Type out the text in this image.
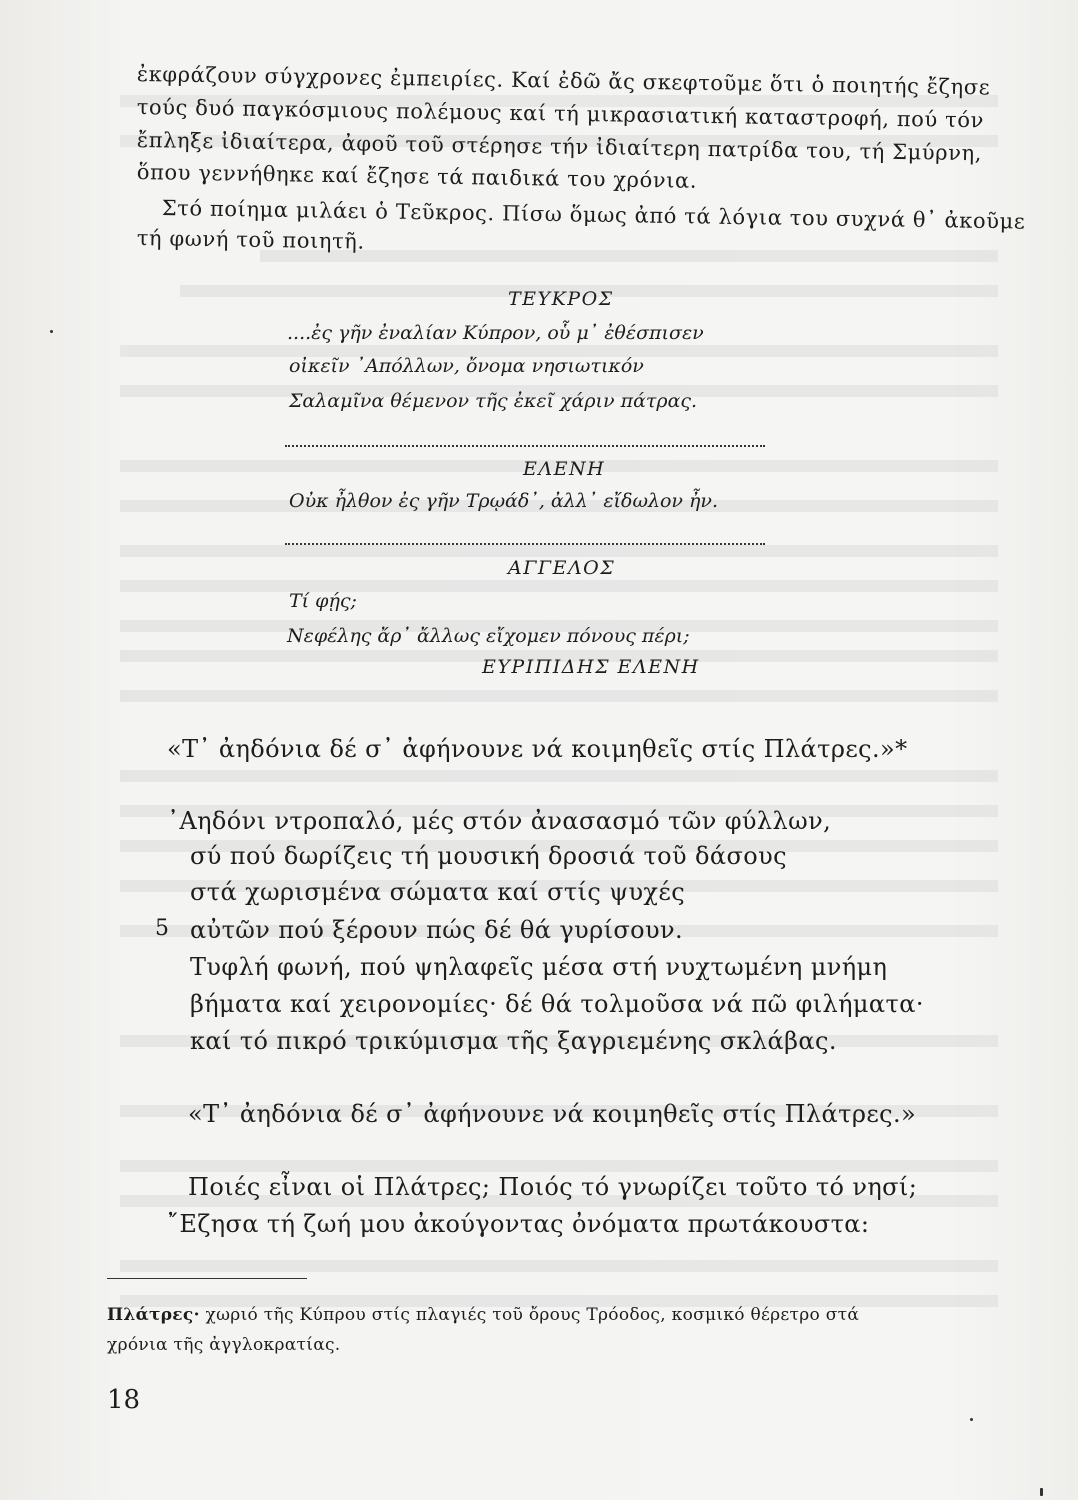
ἐκφράζουν σύγχρονες ἐμπειρίες. Καί ἐδῶ ἄς σκεφτοῦμε ὅτι ὁ ποιητής ἔζησε
τούς δυό παγκόσμιους πολέμους καί τή μικρασιατική καταστροφή, πού τόν
ἔπληξε ἰδιαίτερα, ἀφοῦ τοῦ στέρησε τήν ἰδιαίτερη πατρίδα του, τή Σμύρνη,
ὅπου γεννήθηκε καί ἔζησε τά παιδικά του χρόνια.
Στό ποίημα μιλάει ὁ Τεῦκρος. Πίσω ὅμως ἀπό τά λόγια του συχνά θ᾽ ἀκοῦμε
τή φωνή τοῦ ποιητῆ.
ΤΕΥΚΡΟΣ
....ἐς γῆν ἐναλίαν Κύπρον, οὗ μ᾽ ἐθέσπισεν
οἰκεῖν ᾽Απόλλων, ὄνομα νησιωτικόν
Σαλαμῖνα θέμενον τῆς ἐκεῖ χάριν πάτρας.
ΕΛΕΝΗ
Οὐκ ἦλθον ἐς γῆν Τρῳάδ᾽, ἀλλ᾽ εἴδωλον ἦν.
ΑΓΓΕΛΟΣ
Τί φῄς;
Νεφέλης ἄρ᾽ ἄλλως εἴχομεν πόνους πέρι;
ΕΥΡΙΠΙΔΗΣ ΕΛΕΝΗ
«Τ᾽ ἀηδόνια δέ σ᾽ ἀφήνουνε νά κοιμηθεῖς στίς Πλάτρες.»*
᾽Αηδόνι ντροπαλό, μές στόν ἀνασασμό τῶν φύλλων,
σύ πού δωρίζεις τή μουσική δροσιά τοῦ δάσους
στά χωρισμένα σώματα καί στίς ψυχές
5 αὐτῶν πού ξέρουν πώς δέ θά γυρίσουν.
Τυφλή φωνή, πού ψηλαφεῖς μέσα στή νυχτωμένη μνήμη
βήματα καί χειρονομίες· δέ θά τολμοῦσα νά πῶ φιλήματα·
καί τό πικρό τρικύμισμα τῆς ξαγριεμένης σκλάβας.
«Τ᾽ ἀηδόνια δέ σ᾽ ἀφήνουνε νά κοιμηθεῖς στίς Πλάτρες.»
Ποιές εἶναι οἱ Πλάτρες; Ποιός τό γνωρίζει τοῦτο τό νησί;
῎Εζησα τή ζωή μου ἀκούγοντας ὀνόματα πρωτάκουστα:
Πλάτρες· χωριό τῆς Κύπρου στίς πλαγιές τοῦ ὄρους Τρόοδος, κοσμικό θέρετρο στά
χρόνια τῆς ἀγγλοκρατίας.
18
